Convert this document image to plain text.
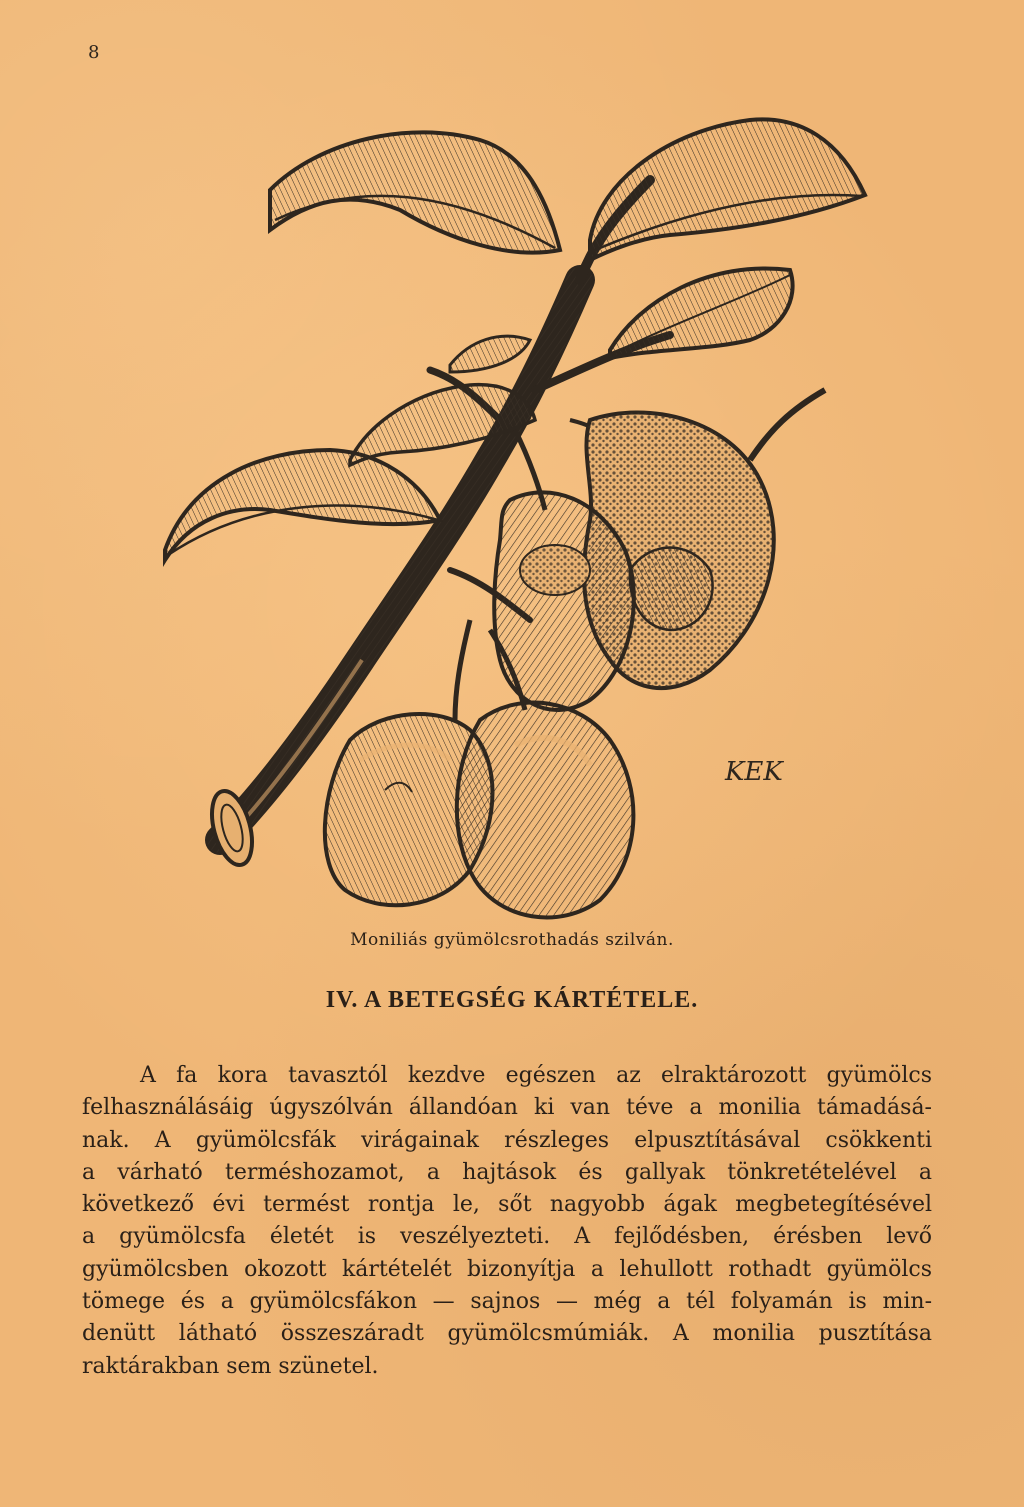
8
KEK
Moniliás gyümölcsrothadás szilván.
IV. A BETEGSÉG KÁRTÉTELE.
A fa kora tavasztól kezdve egészen az elraktározott gyümölcs
felhasználásáig úgyszólván állandóan ki van téve a monilia támadásá-
nak. A gyümölcsfák virágainak részleges elpusztításával csökkenti
a várható terméshozamot, a hajtások és gallyak tönkretételével a
következő évi termést rontja le, sőt nagyobb ágak megbetegítésével
a gyümölcsfa életét is veszélyezteti. A fejlődésben, érésben levő
gyümölcsben okozott kártételét bizonyítja a lehullott rothadt gyümölcs
tömege és a gyümölcsfákon — sajnos — még a tél folyamán is min-
denütt látható összeszáradt gyümölcsmúmiák. A monilia pusztítása
raktárakban sem szünetel.
